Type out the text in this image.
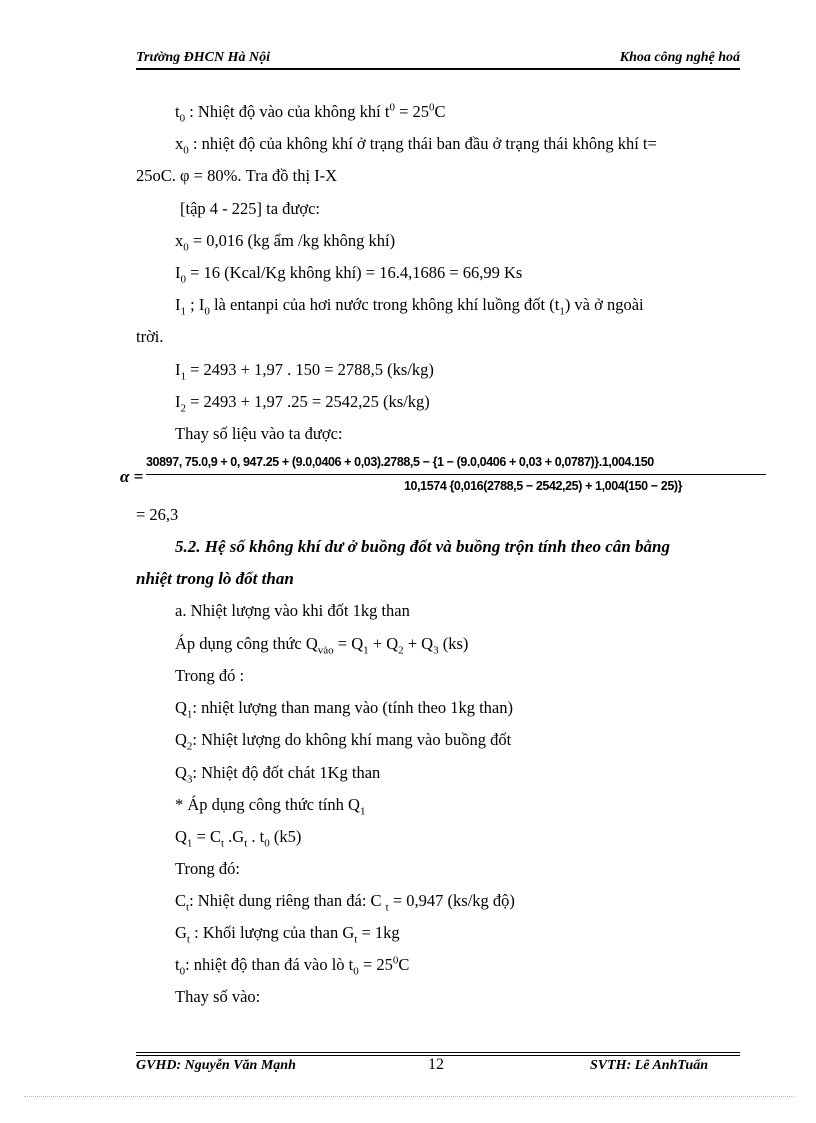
Trường ĐHCN Hà Nội	Khoa công nghệ hoá
$t_0$ : Nhiệt độ vào của không khí $t^0 = 25^0C$
$x_0$ : nhiệt độ của không khí ở trạng thái ban đầu ở trạng thái không khí t=
25oC. φ = 80%. Tra đồ thị I-X
[tập 4 - 225] ta được:
$x_0 = 0,016$ (kg ẩm /kg không khí)
$I_0 = 16$ (Kcal/Kg không khí) = 16.4,1686 = 66,99 Ks
$I_1$ ; $I_0$ là entanpi của hơi nước trong không khí luồng đốt $(t_1)$ và ở ngoài
trời.
$I_1 = 2493 + 1,97$ . 150 = 2788,5 (ks/kg)
$I_2 = 2493 + 1,97$ .25 = 2542,25 (ks/kg)
Thay số liệu vào ta được:
α =
30897, 75.0,9 + 0, 947.25 + (9.0,0406 + 0,03).2788,5 − {1 − (9.0,0406 + 0,03 + 0,0787)}.1,004.150
10,1574 {0,016(2788,5 − 2542,25) + 1,004(150 − 25)}
= 26,3
5.2. Hệ số không khí dư ở buồng đốt và buồng trộn tính theo cân bằng
nhiệt trong lò đốt than
a. Nhiệt lượng vào khi đốt 1kg than
Áp dụng công thức $Q_{vào} = Q_1 + Q_2 + Q_3$ (ks)
Trong đó :
$Q_1$: nhiệt lượng than mang vào (tính theo 1kg than)
$Q_2$: Nhiệt lượng do không khí mang vào buồng đốt
$Q_3$: Nhiệt độ đốt chát 1Kg than
* Áp dụng công thức tính $Q_1$
$Q_1 = C_t$ $.G_t$ . $t_0$ (k5)
Trong đó:
$C_t$: Nhiệt dung riêng than đá: C $_t$ = 0,947 (ks/kg độ)
$G_t$ : Khối lượng của than $G_t = 1kg$
$t_0$: nhiệt độ than đá vào lò $t_0 = 25^0C$
Thay số vào:
GVHD: Nguyễn Văn Mạnh	12	SVTH: Lê AnhTuấn
